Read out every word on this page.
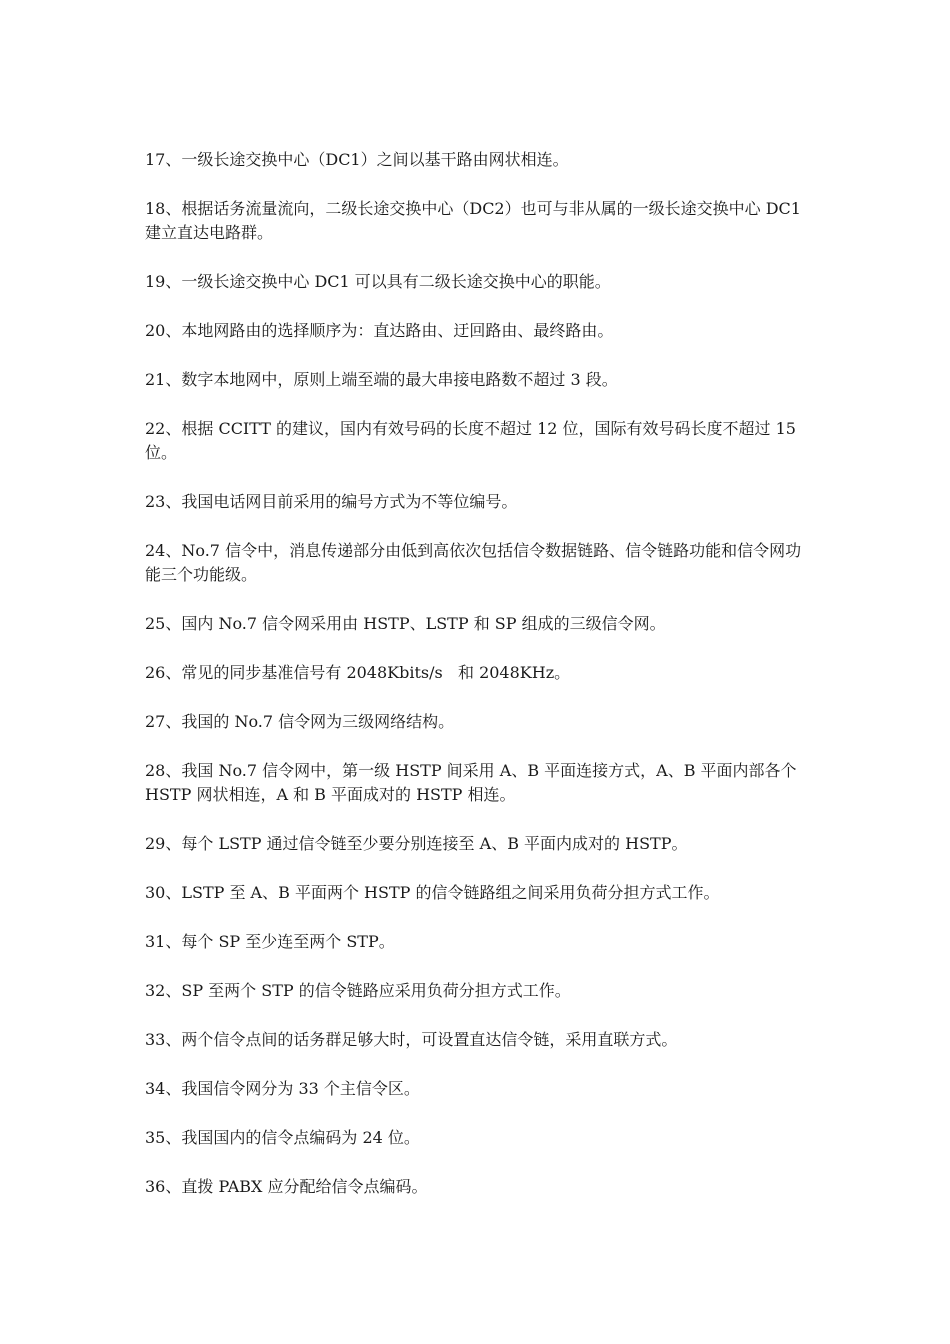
17、一级长途交换中心（DC1）之间以基干路由网状相连。

18、根据话务流量流向，二级长途交换中心（DC2）也可与非从属的一级长途交换中心 DC1 建立直达电路群。

19、一级长途交换中心 DC1 可以具有二级长途交换中心的职能。

20、本地网路由的选择顺序为：直达路由、迂回路由、最终路由。

21、数字本地网中，原则上端至端的最大串接电路数不超过 3 段。

22、根据 CCITT 的建议，国内有效号码的长度不超过 12 位，国际有效号码长度不超过 15 位。

23、我国电话网目前采用的编号方式为不等位编号。

24、No.7 信令中，消息传递部分由低到高依次包括信令数据链路、信令链路功能和信令网功能三个功能级。

25、国内 No.7 信令网采用由 HSTP、LSTP 和 SP 组成的三级信令网。

26、常见的同步基准信号有 2048Kbits/s   和 2048KHz。

27、我国的 No.7 信令网为三级网络结构。

28、我国 No.7 信令网中，第一级 HSTP 间采用 A、B 平面连接方式，A、B 平面内部各个 HSTP 网状相连，A 和 B 平面成对的 HSTP 相连。

29、每个 LSTP 通过信令链至少要分别连接至 A、B 平面内成对的 HSTP。

30、LSTP 至 A、B 平面两个 HSTP 的信令链路组之间采用负荷分担方式工作。

31、每个 SP 至少连至两个 STP。

32、SP 至两个 STP 的信令链路应采用负荷分担方式工作。

33、两个信令点间的话务群足够大时，可设置直达信令链，采用直联方式。

34、我国信令网分为 33 个主信令区。

35、我国国内的信令点编码为 24 位。

36、直拨 PABX 应分配给信令点编码。
